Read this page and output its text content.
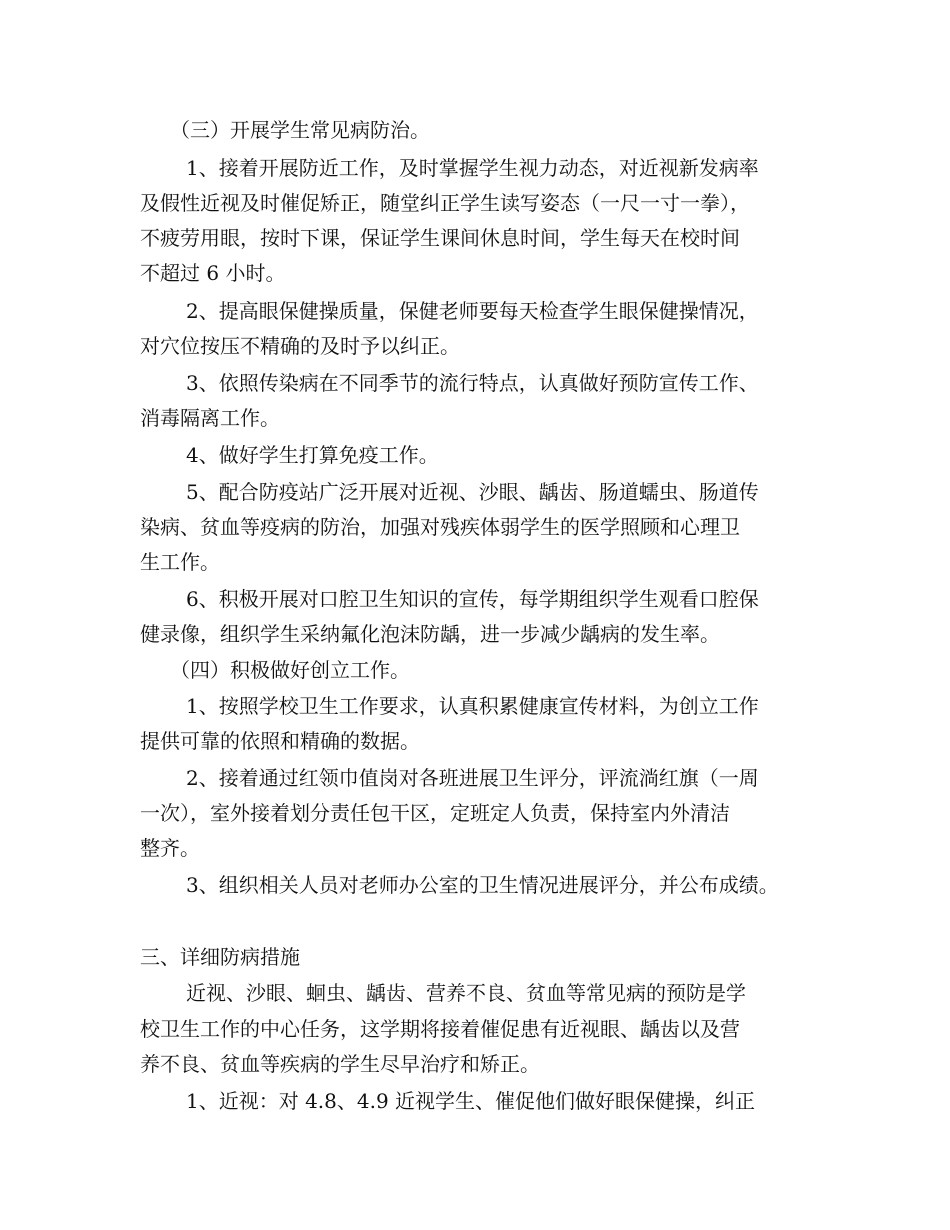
（三）开展学生常见病防治。
1、接着开展防近工作，及时掌握学生视力动态，对近视新发病率
及假性近视及时催促矫正，随堂纠正学生读写姿态（一尺一寸一拳），
不疲劳用眼，按时下课，保证学生课间休息时间，学生每天在校时间
不超过 6 小时。
2、提高眼保健操质量，保健老师要每天检查学生眼保健操情况，
对穴位按压不精确的及时予以纠正。
3、依照传染病在不同季节的流行特点，认真做好预防宣传工作、
消毒隔离工作。
4、做好学生打算免疫工作。
5、配合防疫站广泛开展对近视、沙眼、龋齿、肠道蠕虫、肠道传
染病、贫血等疫病的防治，加强对残疾体弱学生的医学照顾和心理卫
生工作。
6、积极开展对口腔卫生知识的宣传，每学期组织学生观看口腔保
健录像，组织学生采纳氟化泡沫防龋，进一步减少龋病的发生率。
（四）积极做好创立工作。
1、按照学校卫生工作要求，认真积累健康宣传材料，为创立工作
提供可靠的依照和精确的数据。
2、接着通过红领巾值岗对各班进展卫生评分，评流淌红旗（一周
一次），室外接着划分责任包干区，定班定人负责，保持室内外清洁
整齐。
3、组织相关人员对老师办公室的卫生情况进展评分，并公布成绩。
三、详细防病措施
近视、沙眼、蛔虫、龋齿、营养不良、贫血等常见病的预防是学
校卫生工作的中心任务，这学期将接着催促患有近视眼、龋齿以及营
养不良、贫血等疾病的学生尽早治疗和矫正。
1、近视：对 4.8、4.9 近视学生、催促他们做好眼保健操，纠正
